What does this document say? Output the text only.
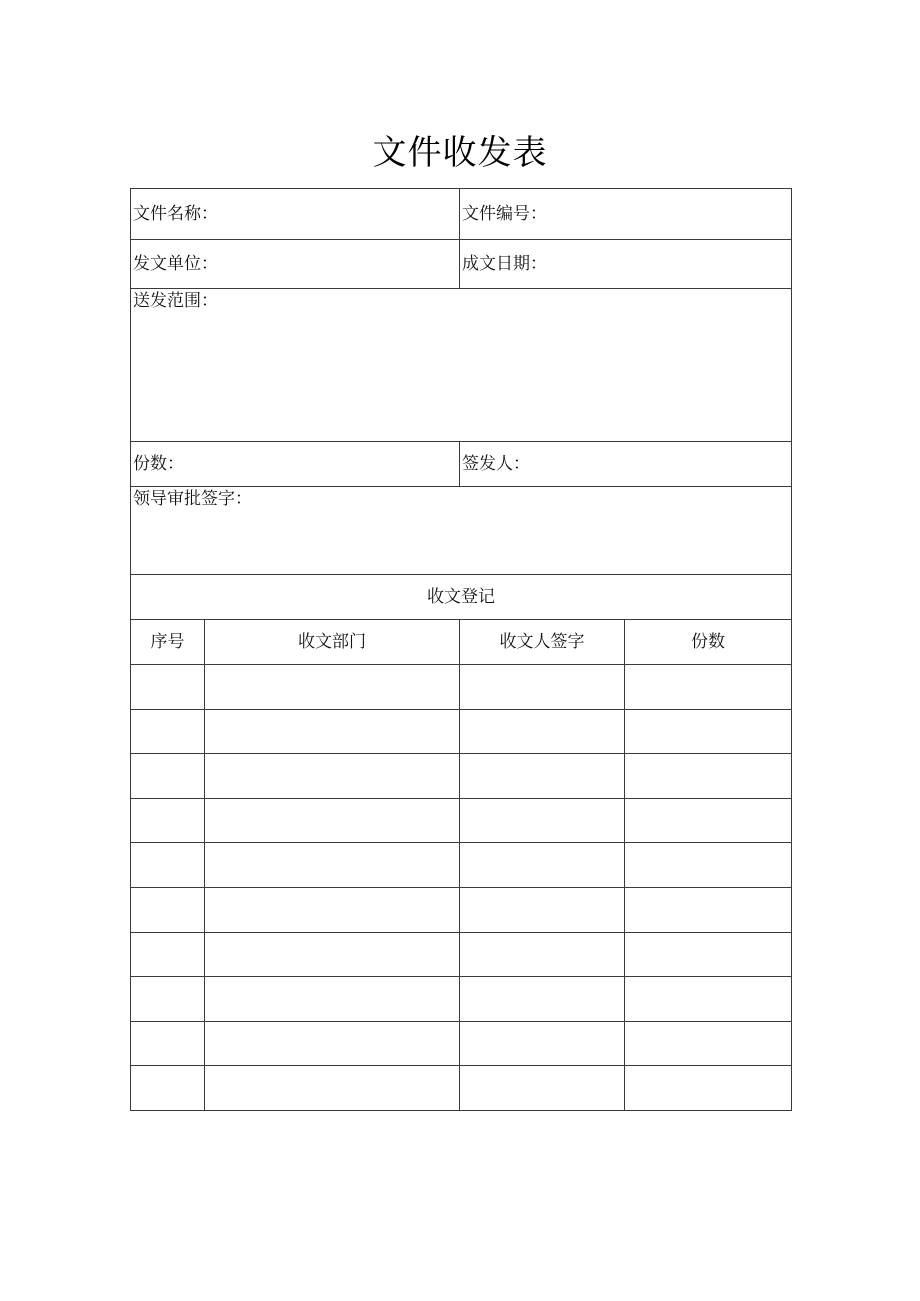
文件收发表
文件名称：		文件编号：	
发文单位：		成文日期：	
送发范围：			
份数：		签发人：	
领导审批签字：			
收文登记			
序号	收文部门	收文人签字	份数
